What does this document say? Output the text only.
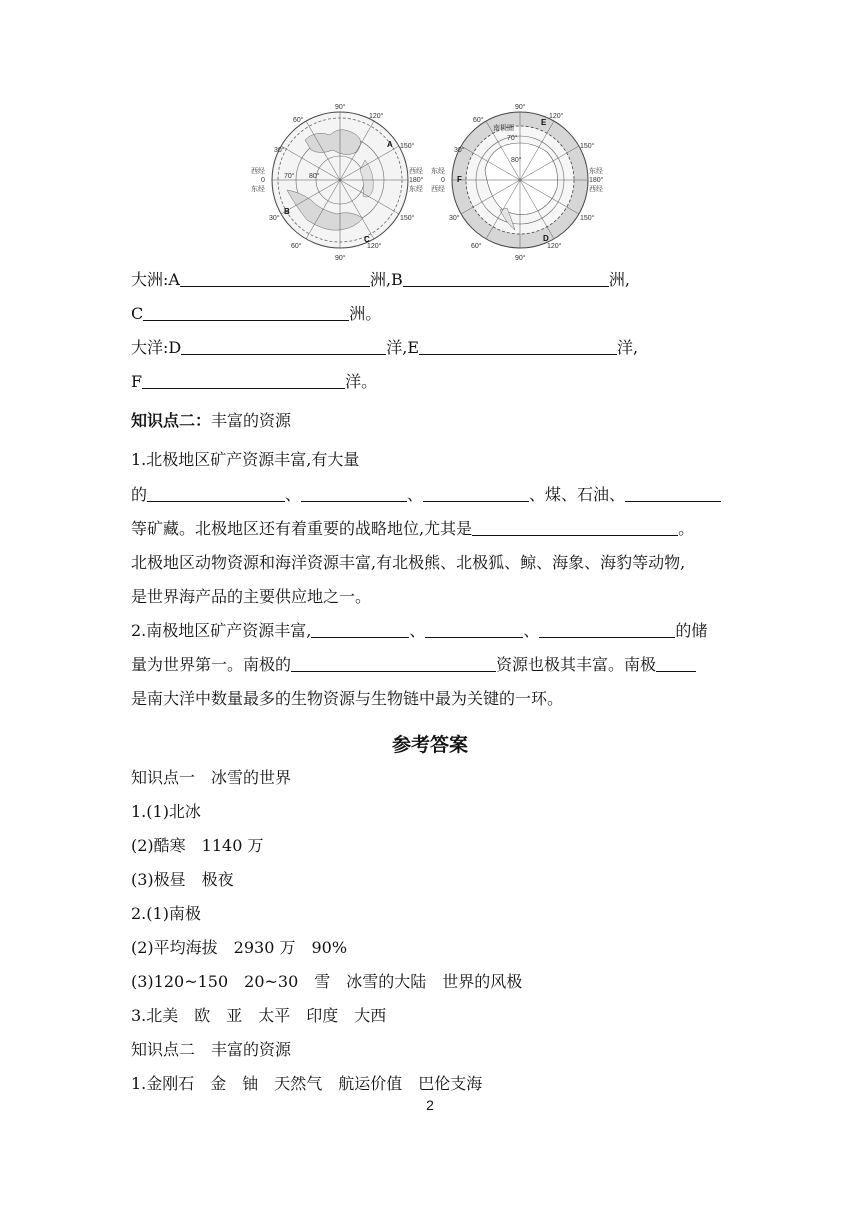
90°
90°
60°
30°
30°
60°
120°
150°
150°
120°
西经
0
东经
西经
180°
东经
70° 80°
A
B
C
90°
90°
60°
30°
30°
60°
120°
150°
150°
120°
东经
0
西经
东经
180°
西经
南极圈
70°
80°
E
F
D
大洲:A	洲,B	洲,
C	洲。
大洋:D	洋,E	洋,
F	洋。
知识点二：丰富的资源
1.北极地区矿产资源丰富,有大量
的	、	、	、煤、石油、
等矿藏。北极地区还有着重要的战略地位,尤其是	。
北极地区动物资源和海洋资源丰富,有北极熊、北极狐、鲸、海象、海豹等动物,
是世界海产品的主要供应地之一。
2.南极地区矿产资源丰富,	、	、	的储
量为世界第一。南极的	资源也极其丰富。南极
是南大洋中数量最多的生物资源与生物链中最为关键的一环。
参考答案
知识点一　冰雪的世界
1.(1)北冰
(2)酷寒　1140 万
(3)极昼　极夜
2.(1)南极
(2)平均海拔　2930 万　90%
(3)120~150　20~30　雪　冰雪的大陆　世界的风极
3.北美　欧　亚　太平　印度　大西
知识点二　丰富的资源
1.金刚石　金　铀　天然气　航运价值　巴伦支海
2
